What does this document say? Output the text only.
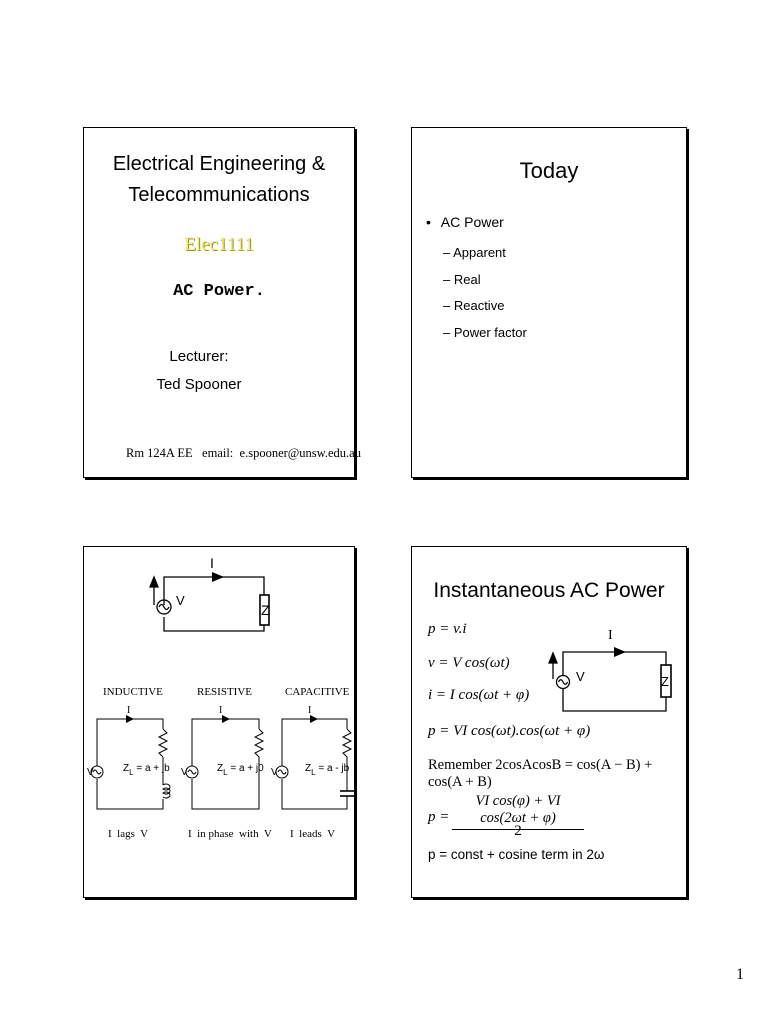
Electrical Engineering &
Telecommunications
Elec1111
AC Power.
Lecturer:
Ted Spooner
Rm 124A EE   email:  e.spooner@unsw.edu.au
Today
• AC Power
– Apparent
– Real
– Reactive
– Power factor
I
V
Z
INDUCTIVE	RESISTIVE	CAPACITIVE
I
V	$Z_L = a$ + jb
I  lags  V
I
V	$Z_L = a + j0$
I  in phase  with  V
I
V	$Z_L = a$ - jb
I  leads  V
Instantaneous AC Power
p = v.i
v = V cos(ωt)
i = I cos(ωt + φ)
p = VI cos(ωt).cos(ωt + φ)
Remember 2cosAcosB = cos(A − B) + cos(A + B)
p =
VI cos(φ) + VI cos(2ωt + φ)
2
p = const + cosine term in 2ω
I
V	Z
1
